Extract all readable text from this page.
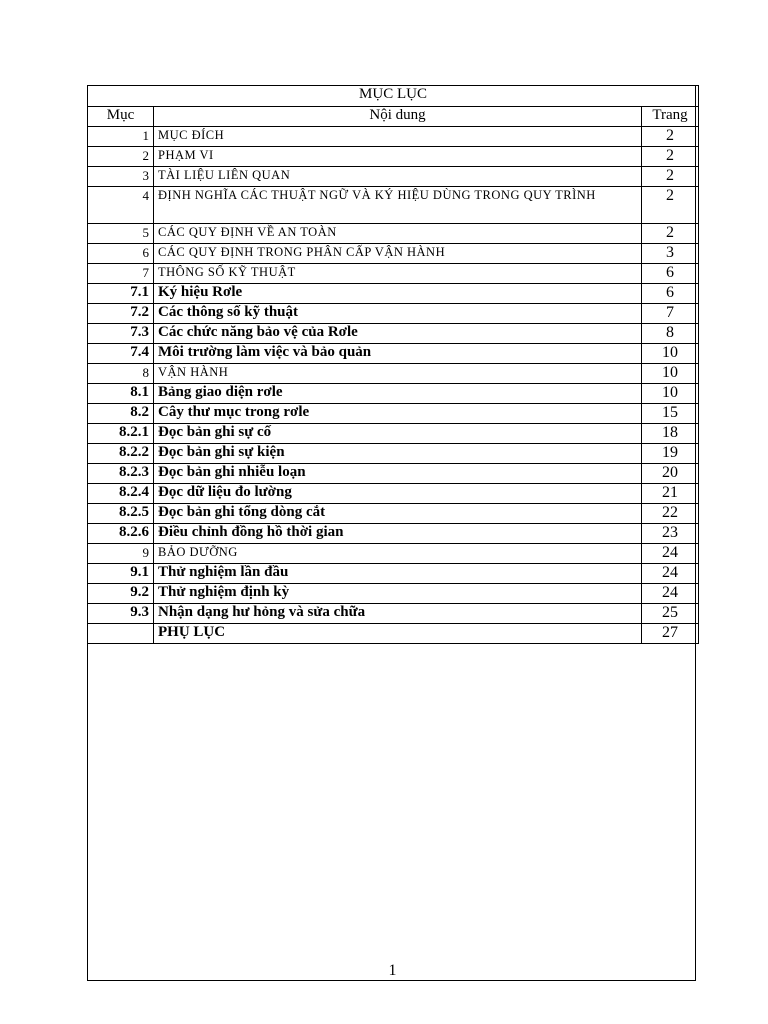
MỤC LỤC		
Mục	Nội dung	Trang
1	MỤC ĐÍCH	2
2	PHẠM VI	2
3	TÀI LIỆU LIÊN QUAN	2
4	ĐỊNH NGHĨA CÁC THUẬT NGỮ VÀ KÝ HIỆU DÙNG TRONG QUY TRÌNH	2
5	CÁC QUY ĐỊNH VỀ AN TOÀN	2
6	CÁC QUY ĐỊNH TRONG PHÂN CẤP VẬN HÀNH	3
7	THÔNG SỐ KỸ THUẬT	6
7.1	Ký hiệu Rơle	6
7.2	Các thông số kỹ thuật	7
7.3	Các chức năng bảo vệ của Rơle	8
7.4	Môi trường làm việc và bảo quản	10
8	VẬN HÀNH	10
8.1	Bảng giao diện rơle	10
8.2	Cây thư mục trong rơle	15
8.2.1	Đọc bản ghi sự cố	18
8.2.2	Đọc bản ghi sự kiện	19
8.2.3	Đọc bản ghi nhiễu loạn	20
8.2.4	Đọc dữ liệu đo lường	21
8.2.5	Đọc bản ghi tổng dòng cắt	22
8.2.6	Điều chỉnh đồng hồ thời gian	23
9	BẢO DƯỠNG	24
9.1	Thử nghiệm lần đầu	24
9.2	Thử nghiệm định kỳ	24
9.3	Nhận dạng hư hỏng và sửa chữa	25
	PHỤ LỤC	27
1
